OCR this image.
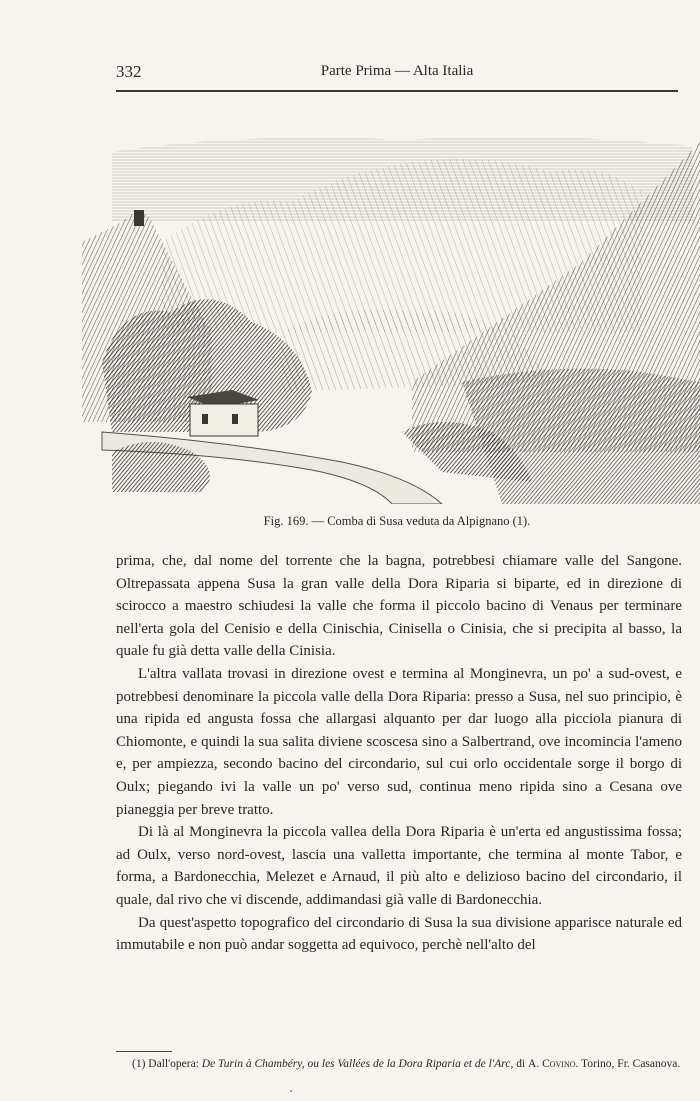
332	Parte Prima — Alta Italia
Fig. 169. — Comba di Susa veduta da Alpignano (1).

prima, che, dal nome del torrente che la bagna, potrebbesi chiamare valle del Sangone. Oltrepassata appena Susa la gran valle della Dora Riparia si biparte, ed in direzione di scirocco a maestro schiudesi la valle che forma il piccolo bacino di Venaus per terminare nell'erta gola del Cenisio e della Cinischia, Cinisella o Cinisia, che si precipita al basso, la quale fu già detta valle della Cinisia.

L'altra vallata trovasi in direzione ovest e termina al Monginevra, un po' a sud-ovest, e potrebbesi denominare la piccola valle della Dora Riparia: presso a Susa, nel suo principio, è una ripida ed angusta fossa che allargasi alquanto per dar luogo alla picciola pianura di Chiomonte, e quindi la sua salita diviene scoscesa sino a Salbertrand, ove incomincia l'ameno e, per ampiezza, secondo bacino del circondario, sul cui orlo occidentale sorge il borgo di Oulx; piegando ivi la valle un po' verso sud, continua meno ripida sino a Cesana ove pianeggia per breve tratto.

Di là al Monginevra la piccola vallea della Dora Riparia è un'erta ed angustissima fossa; ad Oulx, verso nord-ovest, lascia una valletta importante, che termina al monte Tabor, e forma, a Bardonecchia, Melezet e Arnaud, il più alto e delizioso bacino del circondario, il quale, dal rivo che vi discende, addimandasi già valle di Bardonecchia.

Da quest'aspetto topografico del circondario di Susa la sua divisione apparisce naturale ed immutabile e non può andar soggetta ad equivoco, perchè nell'alto del

(1) Dall'opera: De Turin à Chambéry, ou les Vallées de la Dora Riparia et de l'Arc, di A. Covino. Torino, Fr. Casanova.
